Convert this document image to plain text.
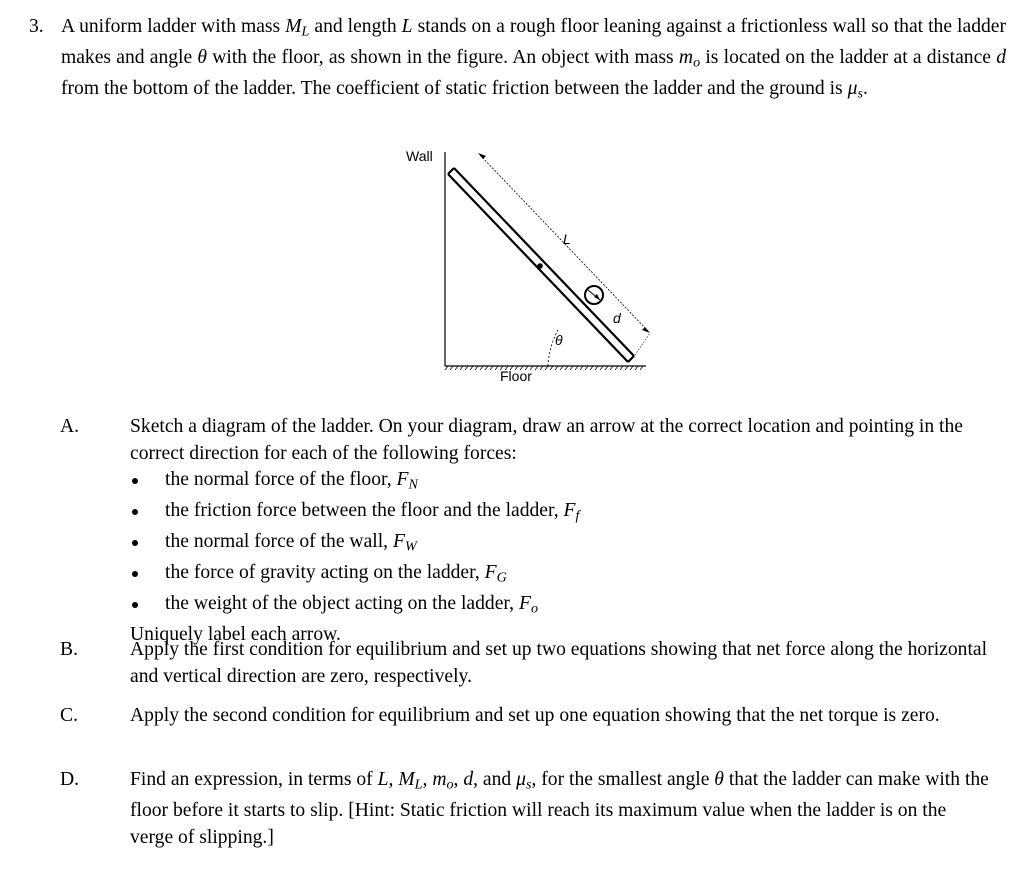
3. A uniform ladder with mass $M_L$ and length L stands on a rough floor leaning against a frictionless wall so that the ladder makes and angle θ with the floor, as shown in the figure. An object with mass $m_o$ is located on the ladder at a distance d from the bottom of the ladder. The coefficient of static friction between the ladder and the ground is $\mu_s$.
Wall
Floor
L
d
θ
A.	Sketch a diagram of the ladder. On your diagram, draw an arrow at the correct location and pointing in the correct direction for each of the following forces:
the normal force of the floor, $F_N$
the friction force between the floor and the ladder, $F_f$
the normal force of the wall, $F_W$
the force of gravity acting on the ladder, $F_G$
the weight of the object acting on the ladder, $F_o$
Uniquely label each arrow.
B.	Apply the first condition for equilibrium and set up two equations showing that net force along the horizontal and vertical direction are zero, respectively.
C.	Apply the second condition for equilibrium and set up one equation showing that the net torque is zero.
D.	Find an expression, in terms of L, $M_L$, $m_o$, d, and $\mu_s$, for the smallest angle θ that the ladder can make with the floor before it starts to slip. [Hint: Static friction will reach its maximum value when the ladder is on the verge of slipping.]
